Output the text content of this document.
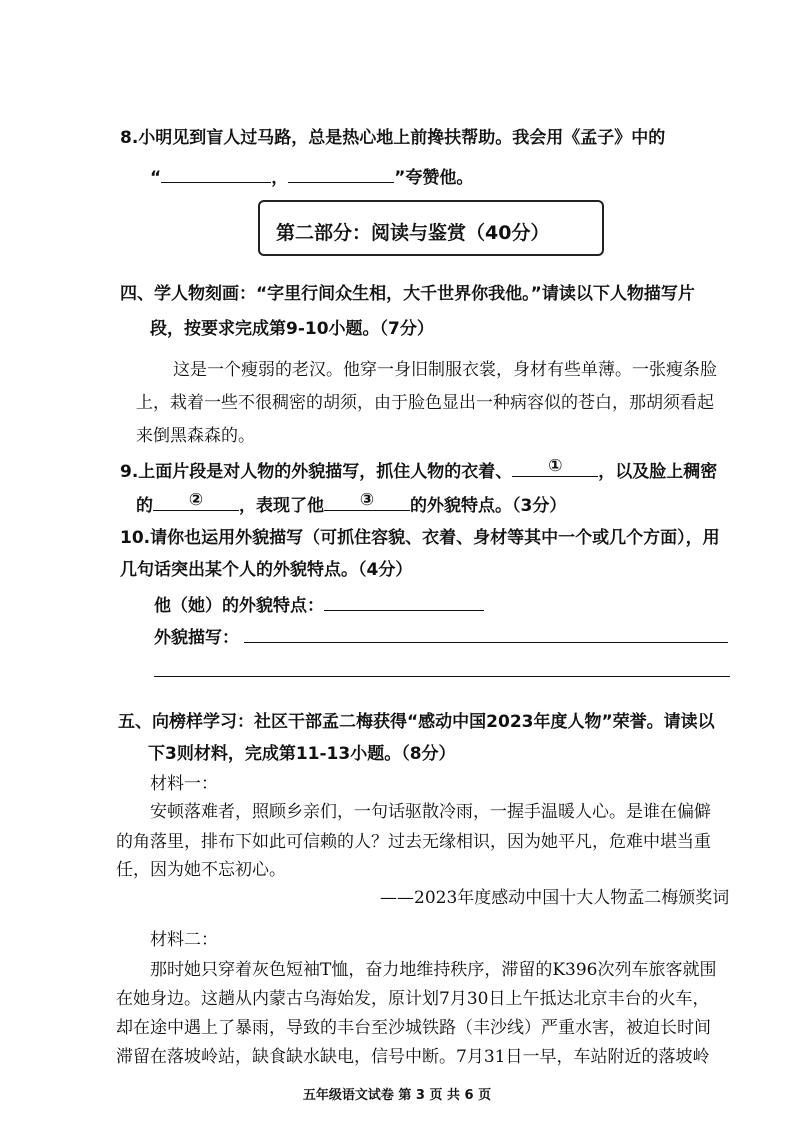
8.小明见到盲人过马路，总是热心地上前搀扶帮助。我会用《孟子》中的
“	，	”夸赞他。
第二部分：阅读与鉴赏（40分）
四、学人物刻画：“字里行间众生相，大千世界你我他。”请读以下人物描写片
段，按要求完成第9-10小题。（7分）
这是一个瘦弱的老汉。他穿一身旧制服衣裳，身材有些单薄。一张瘦条脸
上，栽着一些不很稠密的胡须，由于脸色显出一种病容似的苍白，那胡须看起
来倒黑森森的。
9.上面片段是对人物的外貌描写，抓住人物的衣着、	①	，以及脸上稠密
的	②	，表现了他	③	的外貌特点。（3分）
10.请你也运用外貌描写（可抓住容貌、衣着、身材等其中一个或几个方面），用
几句话突出某个人的外貌特点。（4分）
他（她）的外貌特点：
外貌描写：
五、向榜样学习：社区干部孟二梅获得“感动中国2023年度人物”荣誉。请读以
下3则材料，完成第11-13小题。（8分）
材料一：
安顿落难者，照顾乡亲们，一句话驱散冷雨，一握手温暖人心。是谁在偏僻
的角落里，排布下如此可信赖的人？过去无缘相识，因为她平凡，危难中堪当重
任，因为她不忘初心。
——2023年度感动中国十大人物孟二梅颁奖词
材料二：
那时她只穿着灰色短袖T恤，奋力地维持秩序，滞留的K396次列车旅客就围
在她身边。这趟从内蒙古乌海始发，原计划7月30日上午抵达北京丰台的火车，
却在途中遇上了暴雨，导致的丰台至沙城铁路（丰沙线）严重水害，被迫长时间
滞留在落坡岭站，缺食缺水缺电，信号中断。7月31日一早，车站附近的落坡岭
五年级语文试卷 第 3 页 共 6 页
